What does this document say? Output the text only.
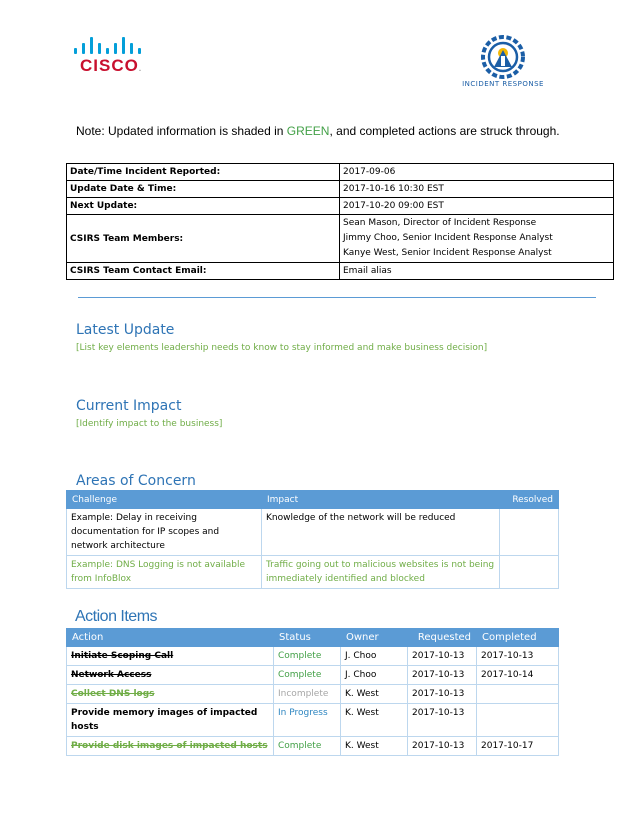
CISCO.
INCIDENT RESPONSE
Note: Updated information is shaded in GREEN, and completed actions are struck through.
Date/Time Incident Reported:	2017-09-06
Update Date & Time:	2017-10-16 10:30 EST
Next Update:	2017-10-20 09:00 EST
CSIRS Team Members:	Sean Mason, Director of Incident Response
Jimmy Choo, Senior Incident Response Analyst
Kanye West, Senior Incident Response Analyst

CSIRS Team Contact Email:	Email alias
Latest Update
[List key elements leadership needs to know to stay informed and make business decision]
Current Impact
[Identify impact to the business]
Areas of Concern
Challenge	Impact	Resolved
Example: Delay in receiving documentation for IP scopes and network architecture	Knowledge of the network will be reduced	
Example: DNS Logging is not available from InfoBlox	Traffic going out to malicious websites is not being immediately identified and blocked	
Action Items
Action	Status	Owner	Requested	Completed
Initiate Scoping Call	Complete	J. Choo	2017-10-13	2017-10-13
Network Access	Complete	J. Choo	2017-10-13	2017-10-14
Collect DNS logs	Incomplete	K. West	2017-10-13	
Provide memory images of impacted hosts	In Progress	K. West	2017-10-13	
Provide disk images of impacted hosts	Complete	K. West	2017-10-13	2017-10-17
